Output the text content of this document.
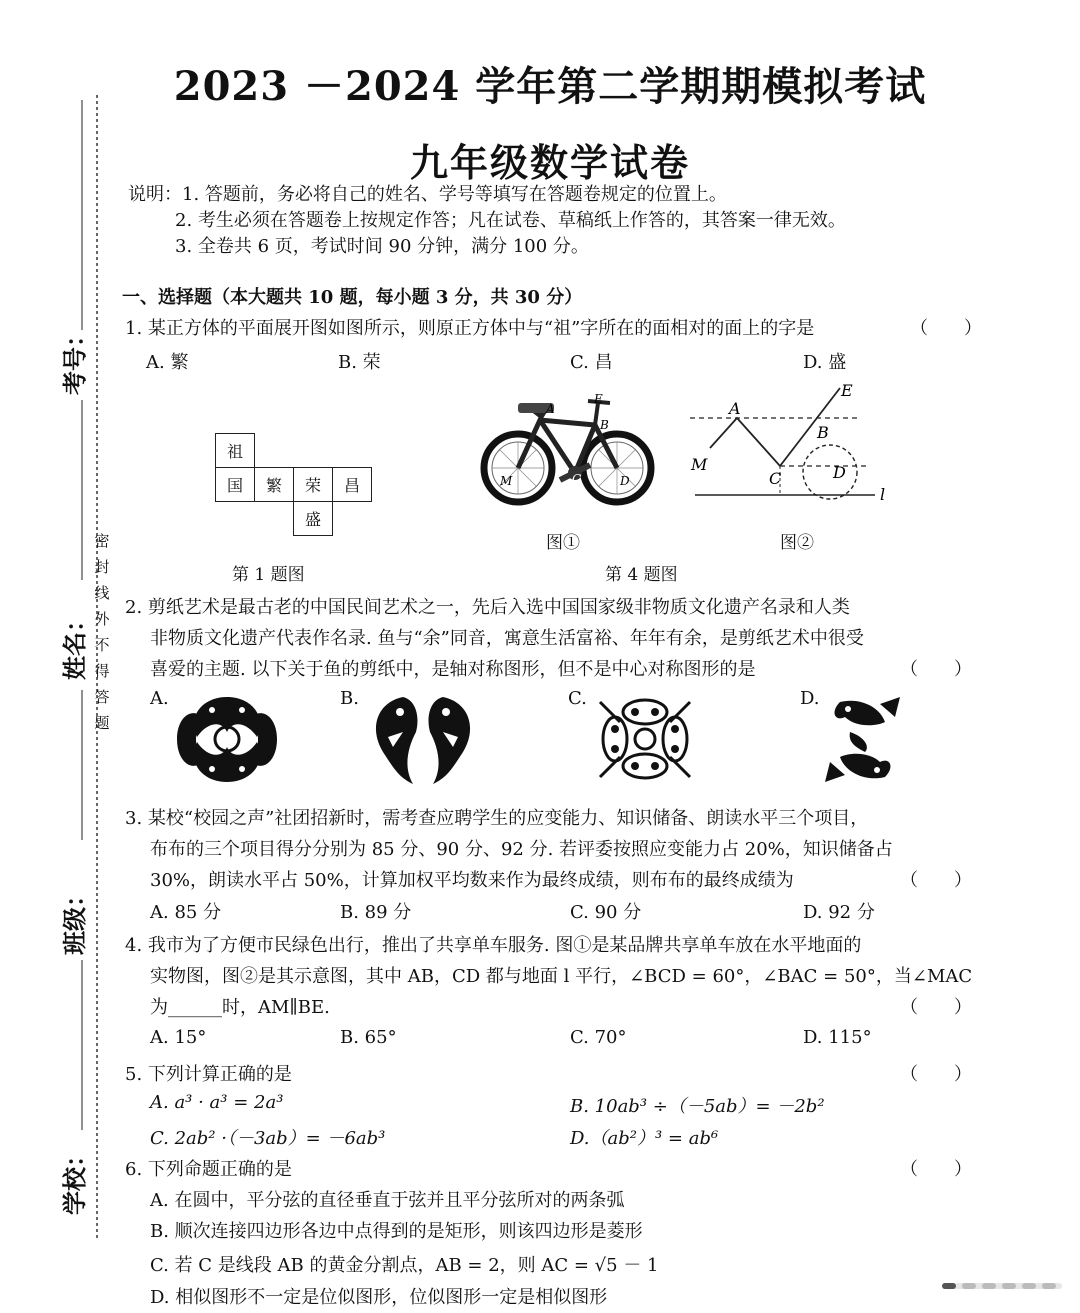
2023 －2024 学年第二学期期模拟考试
九年级数学试卷
说明：1. 答题前，务必将自己的姓名、学号等填写在答题卷规定的位置上。
2. 考生必须在答题卷上按规定作答；凡在试卷、草稿纸上作答的，其答案一律无效。
3. 全卷共 6 页，考试时间 90 分钟，满分 100 分。
考号：
姓名：
班级：
学校：
密
封
线
外
不
得
答
题
一、选择题（本大题共 10 题，每小题 3 分，共 30 分）
1. 某正方体的平面展开图如图所示，则原正方体中与“祖”字所在的面相对的面上的字是	（　　）
A. 繁	B. 荣	C. 昌	D. 盛
祖			
国	繁	荣	昌
		盛	
第 1 题图
A
E
B
M	C	D
图①
A
E
B
M
C	D
l
图②
第 4 题图
2. 剪纸艺术是最古老的中国民间艺术之一，先后入选中国国家级非物质文化遗产名录和人类
非物质文化遗产代表作名录. 鱼与“余”同音，寓意生活富裕、年年有余，是剪纸艺术中很受
喜爱的主题. 以下关于鱼的剪纸中，是轴对称图形，但不是中心对称图形的是	（　　）
A.	B.	C.	D.
3. 某校“校园之声”社团招新时，需考查应聘学生的应变能力、知识储备、朗读水平三个项目，
布布的三个项目得分分别为 85 分、90 分、92 分. 若评委按照应变能力占 20%，知识储备占
30%，朗读水平占 50%，计算加权平均数来作为最终成绩，则布布的最终成绩为	（　　）
A. 85 分	B. 89 分	C. 90 分	D. 92 分
4. 我市为了方便市民绿色出行，推出了共享单车服务. 图①是某品牌共享单车放在水平地面的
实物图，图②是其示意图，其中 AB，CD 都与地面 l 平行，∠BCD = 60°，∠BAC = 50°，当∠MAC
为______时，AM∥BE.	（　　）
A. 15°	B. 65°	C. 70°	D. 115°
5. 下列计算正确的是	（　　）
A. a³ · a³ = 2a³	B. 10ab³ ÷（－5ab）= －2b²
C. 2ab² ·（－3ab）= －6ab³	D.（ab²）³ = ab⁶
6. 下列命题正确的是	（　　）
A. 在圆中，平分弦的直径垂直于弦并且平分弦所对的两条弧
B. 顺次连接四边形各边中点得到的是矩形，则该四边形是菱形
C. 若 C 是线段 AB 的黄金分割点，AB = 2，则 AC = √5 － 1
D. 相似图形不一定是位似图形，位似图形一定是相似图形
